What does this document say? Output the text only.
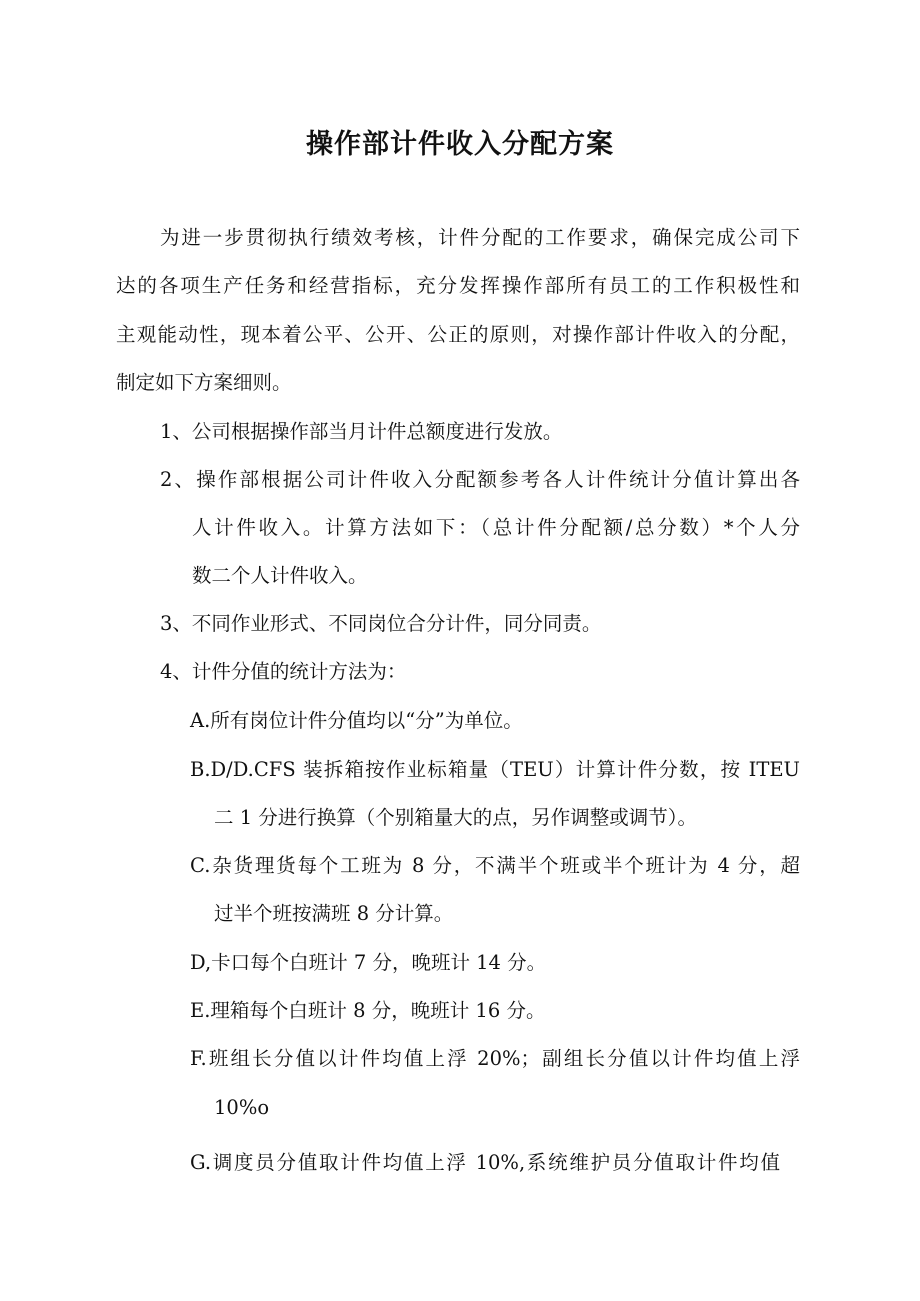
操作部计件收入分配方案
为进一步贯彻执行绩效考核，计件分配的工作要求，确保完成公司下
达的各项生产任务和经营指标，充分发挥操作部所有员工的工作积极性和
主观能动性，现本着公平、公开、公正的原则，对操作部计件收入的分配，
制定如下方案细则。
1、公司根据操作部当月计件总额度进行发放。
2、操作部根据公司计件收入分配额参考各人计件统计分值计算出各
人计件收入。计算方法如下：（总计件分配额/总分数）*个人分
数二个人计件收入。
3、不同作业形式、不同岗位合分计件，同分同责。
4、计件分值的统计方法为：
A.所有岗位计件分值均以“分”为单位。
B.D/D.CFS 装拆箱按作业标箱量（TEU）计算计件分数，按 ITEU
二 1 分进行换算（个别箱量大的点，另作调整或调节）。
C.杂货理货每个工班为 8 分，不满半个班或半个班计为 4 分，超
过半个班按满班 8 分计算。
D,卡口每个白班计 7 分，晚班计 14 分。
E.理箱每个白班计 8 分，晚班计 16 分。
F.班组长分值以计件均值上浮 20%；副组长分值以计件均值上浮
10%o
G.调度员分值取计件均值上浮 10%,系统维护员分值取计件均值
